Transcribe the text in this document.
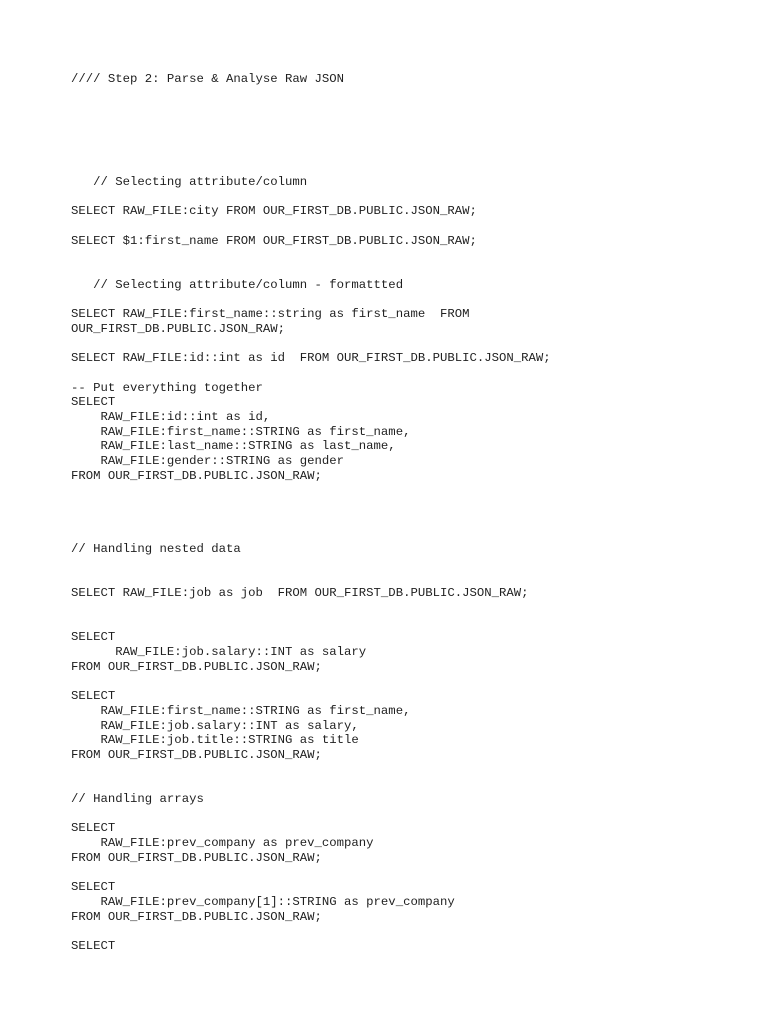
//// Step 2: Parse & Analyse Raw JSON
// Selecting attribute/column
SELECT RAW_FILE:city FROM OUR_FIRST_DB.PUBLIC.JSON_RAW;
SELECT $1:first_name FROM OUR_FIRST_DB.PUBLIC.JSON_RAW;
// Selecting attribute/column - formattted
SELECT RAW_FILE:first_name::string as first_name  FROM
OUR_FIRST_DB.PUBLIC.JSON_RAW;
SELECT RAW_FILE:id::int as id  FROM OUR_FIRST_DB.PUBLIC.JSON_RAW;
-- Put everything together
SELECT
RAW_FILE:id::int as id,
RAW_FILE:first_name::STRING as first_name,
RAW_FILE:last_name::STRING as last_name,
RAW_FILE:gender::STRING as gender
FROM OUR_FIRST_DB.PUBLIC.JSON_RAW;
// Handling nested data
SELECT RAW_FILE:job as job  FROM OUR_FIRST_DB.PUBLIC.JSON_RAW;
SELECT
RAW_FILE:job.salary::INT as salary
FROM OUR_FIRST_DB.PUBLIC.JSON_RAW;
SELECT
RAW_FILE:first_name::STRING as first_name,
RAW_FILE:job.salary::INT as salary,
RAW_FILE:job.title::STRING as title
FROM OUR_FIRST_DB.PUBLIC.JSON_RAW;
// Handling arrays
SELECT
RAW_FILE:prev_company as prev_company
FROM OUR_FIRST_DB.PUBLIC.JSON_RAW;
SELECT
RAW_FILE:prev_company[1]::STRING as prev_company
FROM OUR_FIRST_DB.PUBLIC.JSON_RAW;
SELECT
